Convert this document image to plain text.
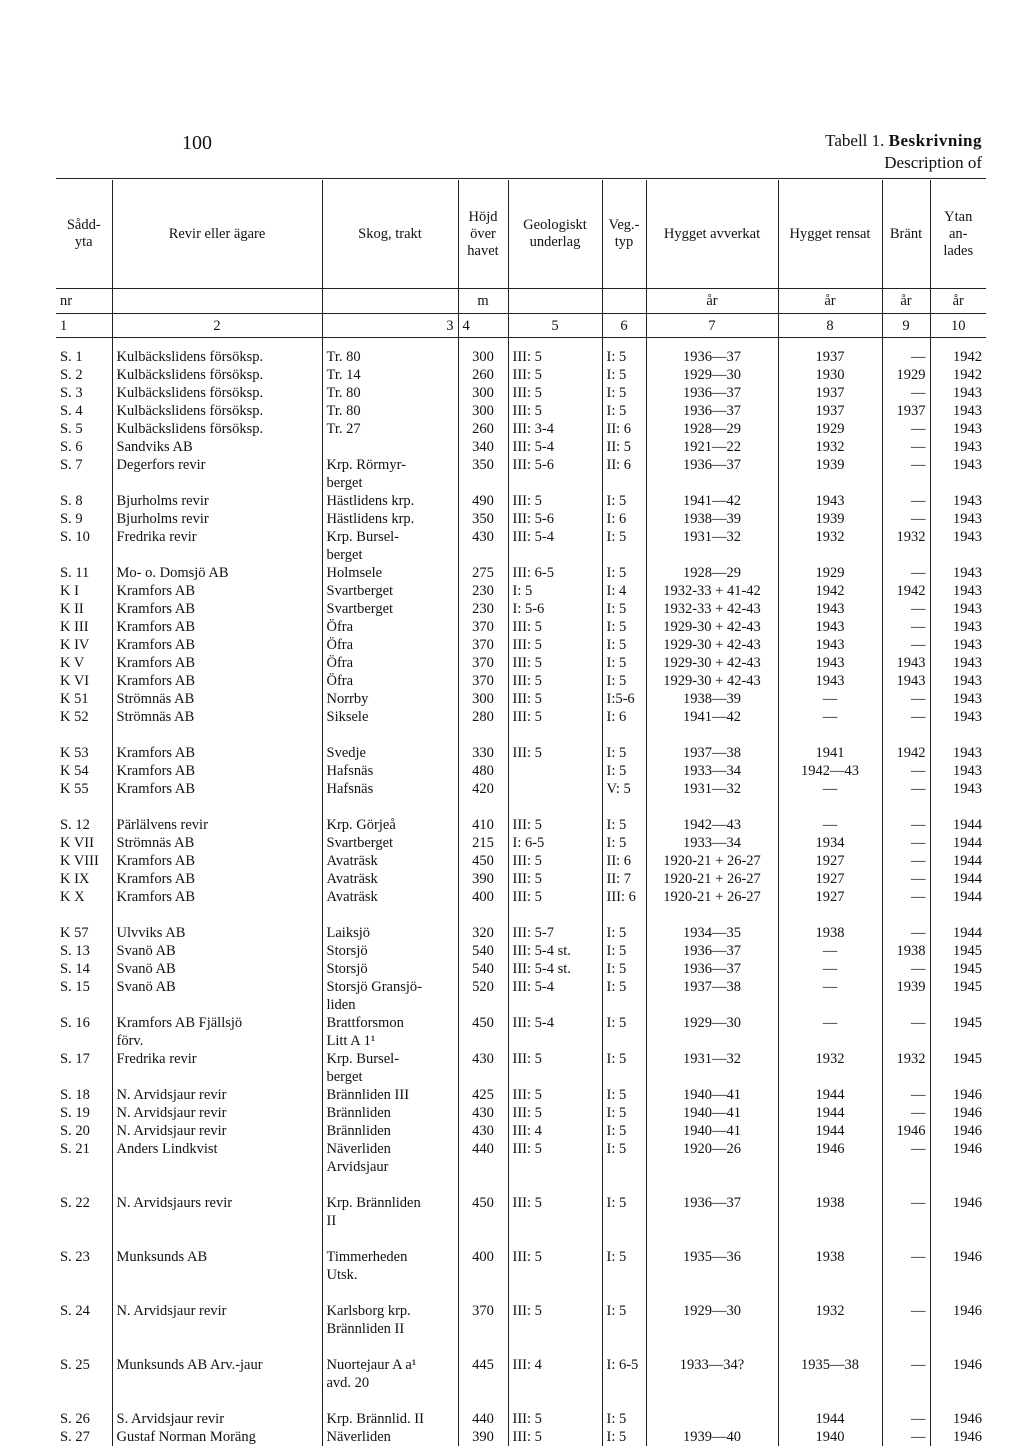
100	Tabell 1. Beskrivning
Description of
Sådd- yta	Revir eller ägare	Skog, trakt	Höjd över havet	Geologiskt underlag	Veg.- typ	Hygget avverkat	Hygget rensat	Bränt	Ytan an- lades
nr			m			år	år	år	år
1	2	3	4	5	6	7	8	9	10

S. 1	Kulbäckslidens försöksp.	Tr. 80	300	III: 5	I: 5	1936—37	1937	—	1942
S. 2	Kulbäckslidens försöksp.	Tr. 14	260	III: 5	I: 5	1929—30	1930	1929	1942
S. 3	Kulbäckslidens försöksp.	Tr. 80	300	III: 5	I: 5	1936—37	1937	—	1943
S. 4	Kulbäckslidens försöksp.	Tr. 80	300	III: 5	I: 5	1936—37	1937	1937	1943
S. 5	Kulbäckslidens försöksp.	Tr. 27	260	III: 3-4	II: 6	1928—29	1929	—	1943
S. 6	Sandviks AB		340	III: 5-4	II: 5	1921—22	1932	—	1943
S. 7	Degerfors revir	Krp. Rörmyr-	350	III: 5-6	II: 6	1936—37	1939	—	1943
		berget							
S. 8	Bjurholms revir	Hästlidens krp.	490	III: 5	I: 5	1941—42	1943	—	1943
S. 9	Bjurholms revir	Hästlidens krp.	350	III: 5-6	I: 6	1938—39	1939	—	1943
S. 10	Fredrika revir	Krp. Bursel-	430	III: 5-4	I: 5	1931—32	1932	1932	1943
		berget							
S. 11	Mo- o. Domsjö AB	Holmsele	275	III: 6-5	I: 5	1928—29	1929	—	1943
K I	Kramfors AB	Svartberget	230	I: 5	I: 4	1932-33 + 41-42	1942	1942	1943
K II	Kramfors AB	Svartberget	230	I: 5-6	I: 5	1932-33 + 42-43	1943	—	1943
K III	Kramfors AB	Öfra	370	III: 5	I: 5	1929-30 + 42-43	1943	—	1943
K IV	Kramfors AB	Öfra	370	III: 5	I: 5	1929-30 + 42-43	1943	—	1943
K V	Kramfors AB	Öfra	370	III: 5	I: 5	1929-30 + 42-43	1943	1943	1943
K VI	Kramfors AB	Öfra	370	III: 5	I: 5	1929-30 + 42-43	1943	1943	1943
K 51	Strömnäs AB	Norrby	300	III: 5	I:5-6	1938—39	—	—	1943
K 52	Strömnäs AB	Siksele	280	III: 5	I: 6	1941—42	—	—	1943

K 53	Kramfors AB	Svedje	330	III: 5	I: 5	1937—38	1941	1942	1943
K 54	Kramfors AB	Hafsnäs	480		I: 5	1933—34	1942—43	—	1943
K 55	Kramfors AB	Hafsnäs	420		V: 5	1931—32	—	—	1943

S. 12	Pärlälvens revir	Krp. Görjeå	410	III: 5	I: 5	1942—43	—	—	1944
K VII	Strömnäs AB	Svartberget	215	I: 6-5	I: 5	1933—34	1934	—	1944
K VIII	Kramfors AB	Avaträsk	450	III: 5	II: 6	1920-21 + 26-27	1927	—	1944
K IX	Kramfors AB	Avaträsk	390	III: 5	II: 7	1920-21 + 26-27	1927	—	1944
K X	Kramfors AB	Avaträsk	400	III: 5	III: 6	1920-21 + 26-27	1927	—	1944

K 57	Ulvviks AB	Laiksjö	320	III: 5-7	I: 5	1934—35	1938	—	1944
S. 13	Svanö AB	Storsjö	540	III: 5-4 st.	I: 5	1936—37	—	1938	1945
S. 14	Svanö AB	Storsjö	540	III: 5-4 st.	I: 5	1936—37	—	—	1945
S. 15	Svanö AB	Storsjö Gransjö-	520	III: 5-4	I: 5	1937—38	—	1939	1945
		liden							
S. 16	Kramfors AB Fjällsjö	Brattforsmon	450	III: 5-4	I: 5	1929—30	—	—	1945
	förv.	Litt A 1¹							
S. 17	Fredrika revir	Krp. Bursel-	430	III: 5	I: 5	1931—32	1932	1932	1945
		berget							
S. 18	N. Arvidsjaur revir	Brännliden III	425	III: 5	I: 5	1940—41	1944	—	1946
S. 19	N. Arvidsjaur revir	Brännliden	430	III: 5	I: 5	1940—41	1944	—	1946
S. 20	N. Arvidsjaur revir	Brännliden	430	III: 4	I: 5	1940—41	1944	1946	1946
S. 21	Anders Lindkvist	Näverliden	440	III: 5	I: 5	1920—26	1946	—	1946
		Arvidsjaur							

S. 22	N. Arvidsjaurs revir	Krp. Brännliden	450	III: 5	I: 5	1936—37	1938	—	1946
		II							

S. 23	Munksunds AB	Timmerheden	400	III: 5	I: 5	1935—36	1938	—	1946
		Utsk.							

S. 24	N. Arvidsjaur revir	Karlsborg krp.	370	III: 5	I: 5	1929—30	1932	—	1946
		Brännliden II							

S. 25	Munksunds AB Arv.-jaur	Nuortejaur A a¹	445	III: 4	I: 6-5	1933—34?	1935—38	—	1946
		avd. 20							

S. 26	S. Arvidsjaur revir	Krp. Brännlid. II	440	III: 5	I: 5		1944	—	1946
S. 27	Gustaf Norman Moräng	Näverliden	390	III: 5	I: 5	1939—40	1940	—	1946
